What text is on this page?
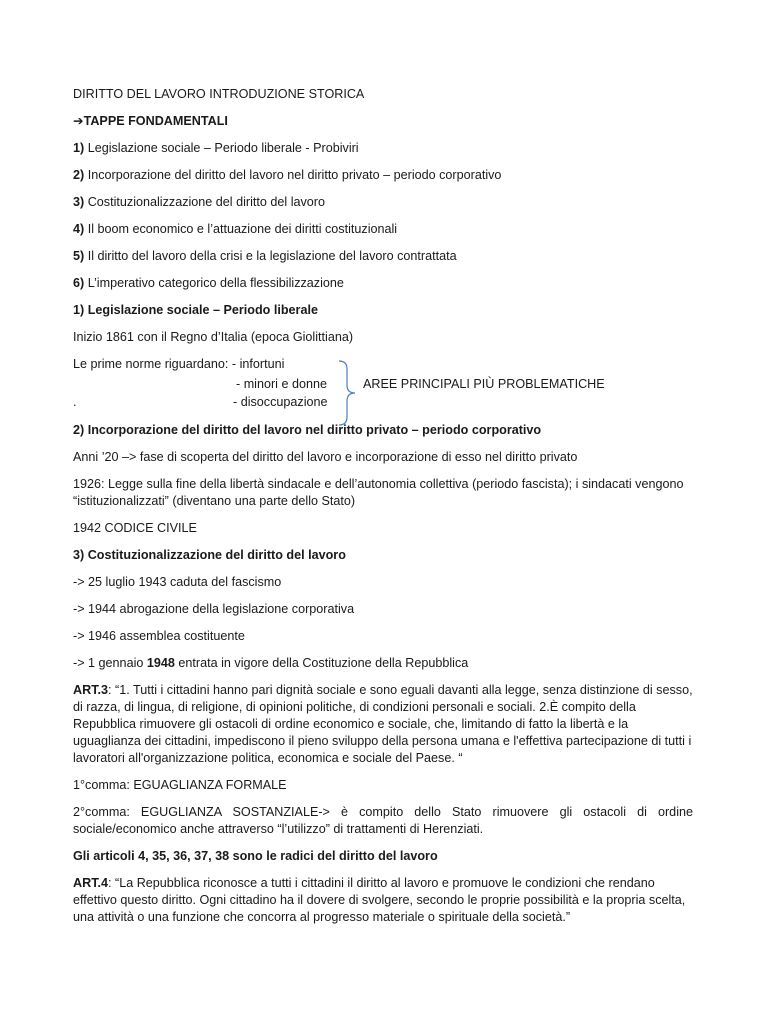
DIRITTO DEL LAVORO INTRODUZIONE STORICA

➔TAPPE FONDAMENTALI

1) Legislazione sociale – Periodo liberale - Probiviri

2) Incorporazione del diritto del lavoro nel diritto privato – periodo corporativo

3) Costituzionalizzazione del diritto del lavoro

4) Il boom economico e l’attuazione dei diritti costituzionali

5) Il diritto del lavoro della crisi e la legislazione del lavoro contrattata

6) L’imperativo categorico della flessibilizzazione

1) Legislazione sociale – Periodo liberale

Inizio 1861 con il Regno d’Italia (epoca Giolittiana)

Le prime norme riguardano: - infortuni
- minori e donne
.	- disoccupazione
AREE PRINCIPALI PIÙ PROBLEMATICHE

2) Incorporazione del diritto del lavoro nel diritto privato – periodo corporativo

Anni ’20 –> fase di scoperta del diritto del lavoro e incorporazione di esso nel diritto privato

1926: Legge sulla fine della libertà sindacale e dell’autonomia collettiva (periodo fascista); i sindacati vengono “istituzionalizzati” (diventano una parte dello Stato)

1942 CODICE CIVILE

3) Costituzionalizzazione del diritto del lavoro

-> 25 luglio 1943 caduta del fascismo

-> 1944 abrogazione della legislazione corporativa

-> 1946 assemblea costituente

-> 1 gennaio 1948 entrata in vigore della Costituzione della Repubblica

ART.3: “1. Tutti i cittadini hanno pari dignità sociale e sono eguali davanti alla legge, senza distinzione di sesso, di razza, di lingua, di religione, di opinioni politiche, di condizioni personali e sociali. 2.È compito della Repubblica rimuovere gli ostacoli di ordine economico e sociale, che, limitando di fatto la libertà e la uguaglianza dei cittadini, impediscono il pieno sviluppo della persona umana e l'effettiva partecipazione di tutti i lavoratori all'organizzazione politica, economica e sociale del Paese. “

1°comma: EGUAGLIANZA FORMALE

2°comma: EGUGLIANZA SOSTANZIALE-> è compito dello Stato rimuovere gli ostacoli di ordine sociale/economico anche attraverso “l’utilizzo” di trattamenti di Herenziati.

Gli articoli 4, 35, 36, 37, 38 sono le radici del diritto del lavoro

ART.4: “La Repubblica riconosce a tutti i cittadini il diritto al lavoro e promuove le condizioni che rendano effettivo questo diritto. Ogni cittadino ha il dovere di svolgere, secondo le proprie possibilità e la propria scelta, una attività o una funzione che concorra al progresso materiale o spirituale della società.”
